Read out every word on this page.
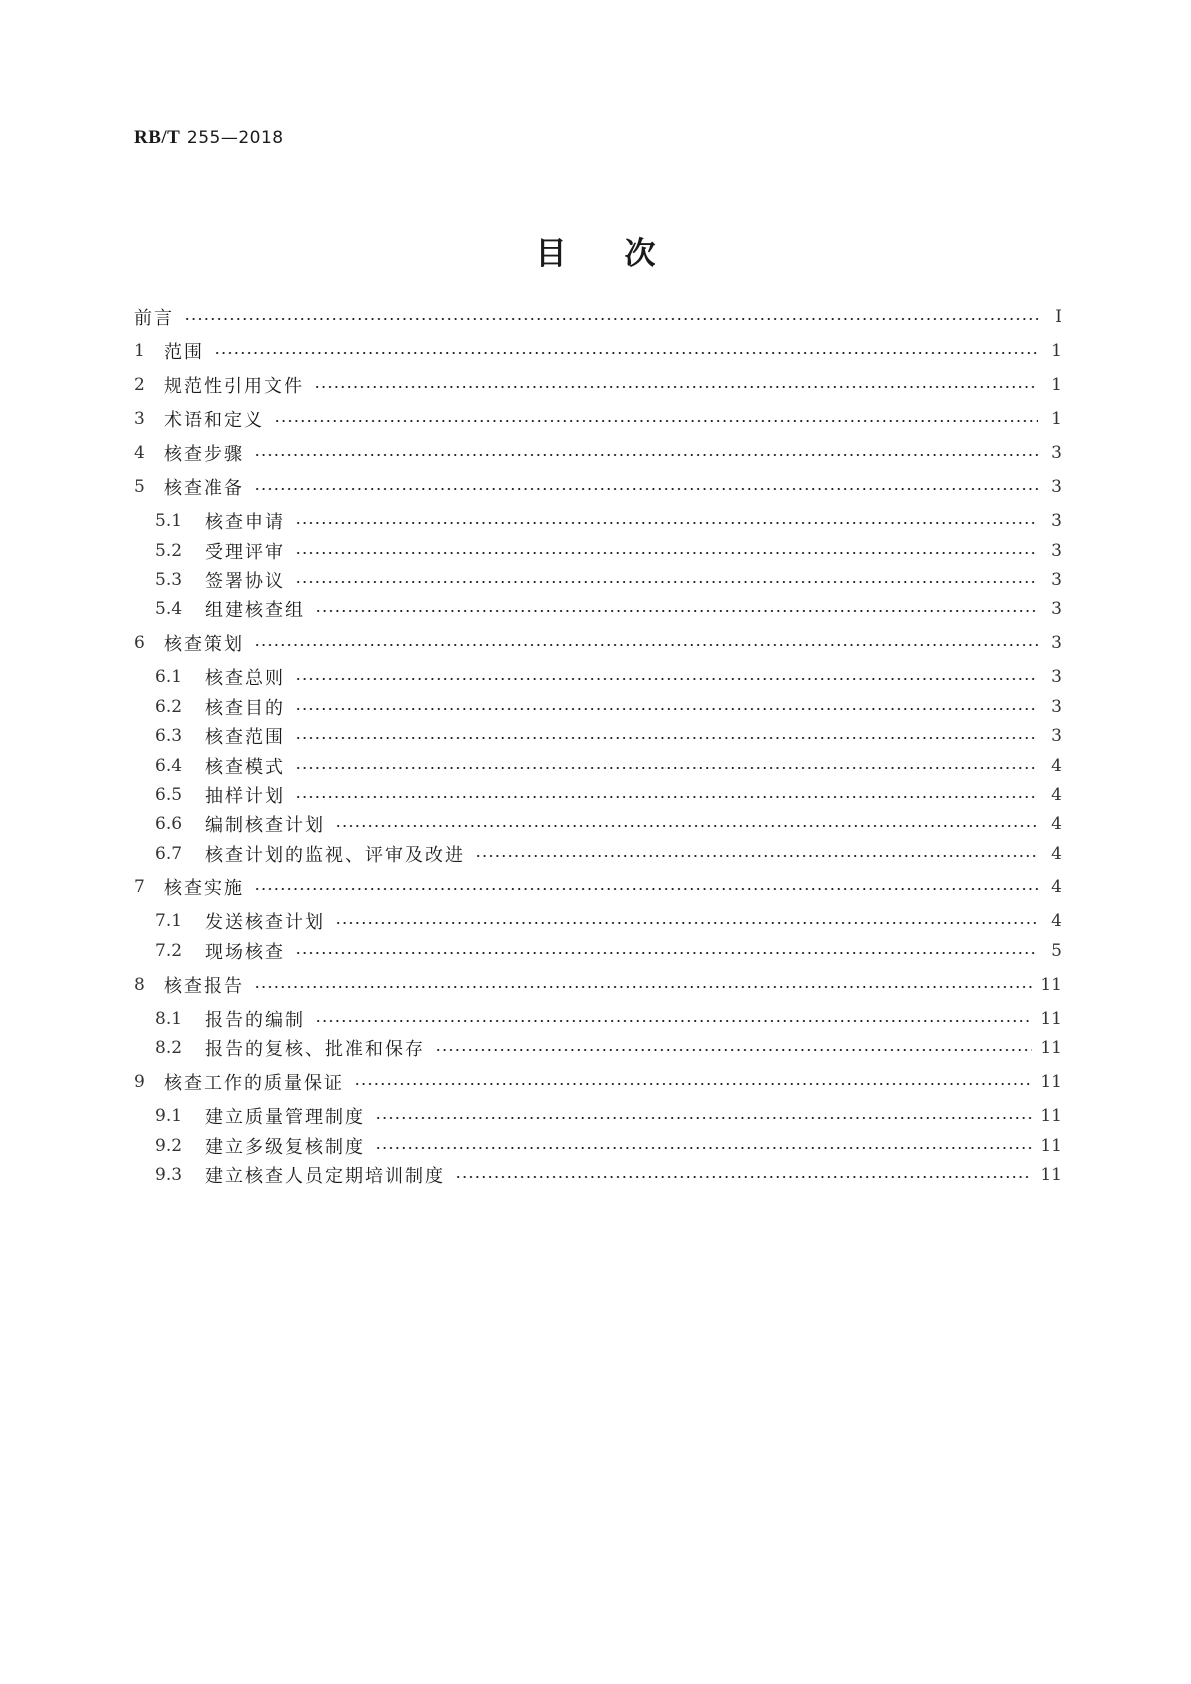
RB/T 255—2018
目次
前言	Ⅰ
1	范围	1
2	规范性引用文件	1
3	术语和定义	1
4	核查步骤	3
5	核查准备	3
5.1	核查申请	3
5.2	受理评审	3
5.3	签署协议	3
5.4	组建核查组	3
6	核查策划	3
6.1	核查总则	3
6.2	核查目的	3
6.3	核查范围	3
6.4	核查模式	4
6.5	抽样计划	4
6.6	编制核查计划	4
6.7	核查计划的监视、评审及改进	4
7	核查实施	4
7.1	发送核查计划	4
7.2	现场核查	5
8	核查报告	11
8.1	报告的编制	11
8.2	报告的复核、批准和保存	11
9	核查工作的质量保证	11
9.1	建立质量管理制度	11
9.2	建立多级复核制度	11
9.3	建立核查人员定期培训制度	11
